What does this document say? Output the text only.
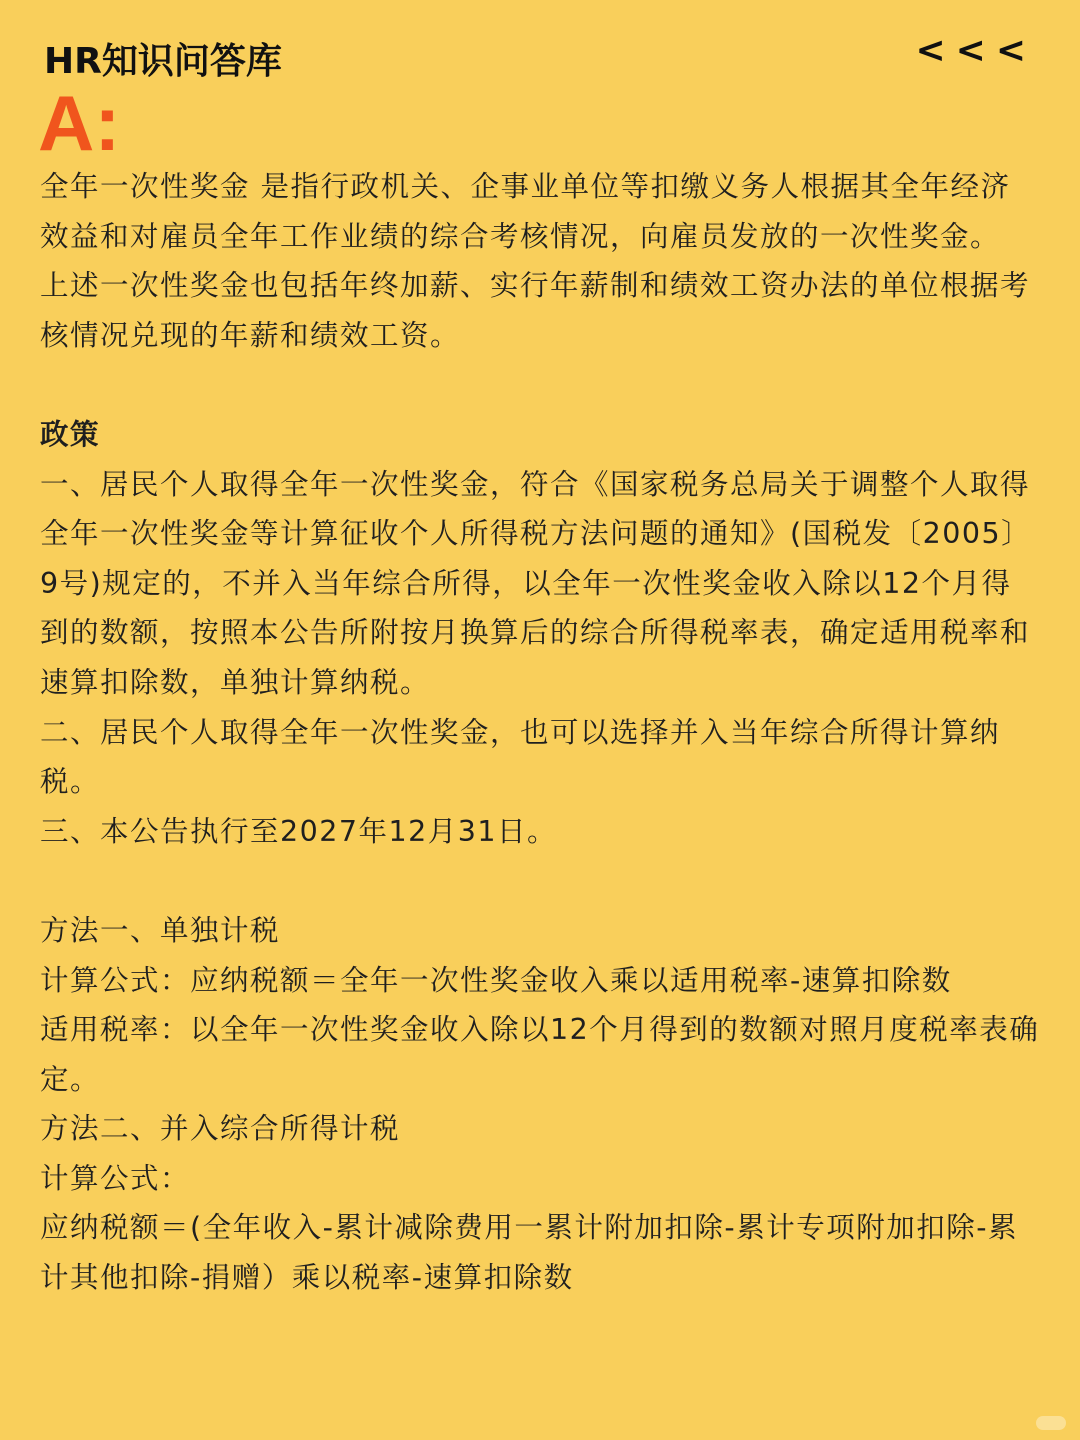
HR知识问答库	<<<
A:

全年一次性奖金 是指行政机关、企事业单位等扣缴义务人根据其全年经济效益和对雇员全年工作业绩的综合考核情况，向雇员发放的一次性奖金。

上述一次性奖金也包括年终加薪、实行年薪制和绩效工资办法的单位根据考核情况兑现的年薪和绩效工资。

政策

一、居民个人取得全年一次性奖金，符合《国家税务总局关于调整个人取得全年一次性奖金等计算征收个人所得税方法问题的通知》(国税发〔2005〕9号)规定的，不并入当年综合所得，以全年一次性奖金收入除以12个月得到的数额，按照本公告所附按月换算后的综合所得税率表，确定适用税率和速算扣除数，单独计算纳税。

二、居民个人取得全年一次性奖金，也可以选择并入当年综合所得计算纳税。

三、本公告执行至2027年12月31日。

方法一、单独计税

计算公式：应纳税额＝全年一次性奖金收入乘以适用税率-速算扣除数

适用税率：以全年一次性奖金收入除以12个月得到的数额对照月度税率表确定。

方法二、并入综合所得计税

计算公式：

应纳税额＝(全年收入-累计减除费用一累计附加扣除-累计专项附加扣除-累计其他扣除-捐赠）乘以税率-速算扣除数
